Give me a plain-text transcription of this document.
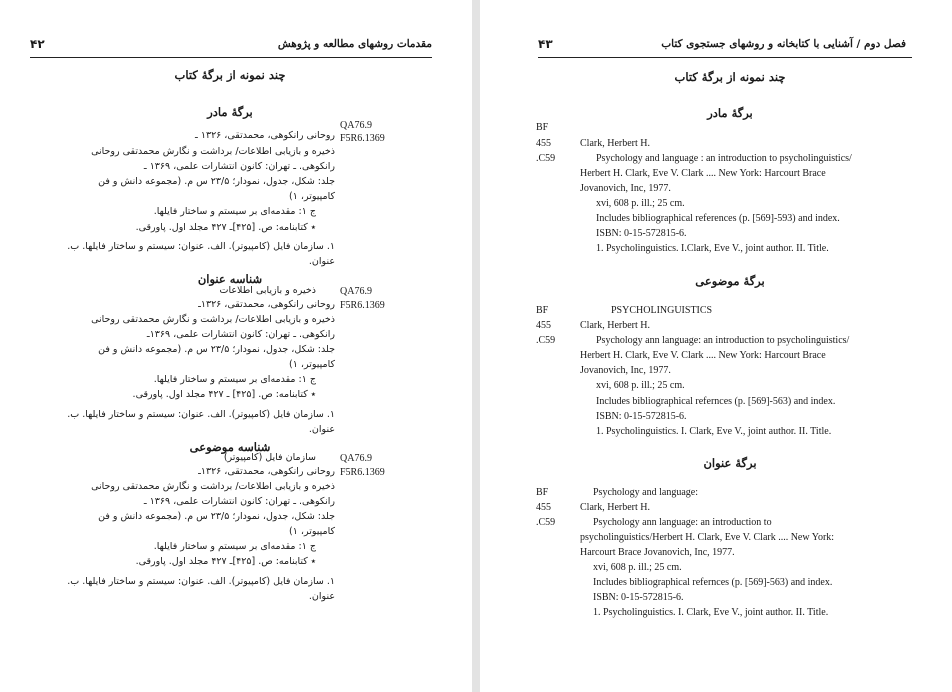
مقدمات روشهای مطالعه و پژوهش
۴۲
چند نمونه از برگهٔ کتاب
برگهٔ مادر
QA76.9
F5R6.1369
روحانی رانکوهی، محمدتقی، ۱۳۲۶ ـ
ذخیره و بازیابی اطلاعات/ برداشت و نگارش محمدتقی روحانی
رانکوهی. ـ تهران: کانون انتشارات علمی، ۱۳۶۹ ـ
جلد: شکل، جدول، نمودار؛ ۲۳/۵ س م. (مجموعه دانش و فن
کامپیوتر، ۱)
ج ۱: مقدمه‌ای بر سیستم و ساختار فایلها.
٭ کتابنامه: ص. [۴۲۵]ـ ۴۲۷ مجلد اول. پاورقی.
۱. سازمان فایل (کامپیوتر). الف. عنوان: سیستم و ساختار فایلها. ب.
عنوان.
شناسه عنوان
QA76.9
F5R6.1369
ذخیره و بازیابی اطلاعات
روحانی رانکوهی، محمدتقی، ۱۳۲۶ـ
ذخیره و بازیابی اطلاعات/ برداشت و نگارش محمدتقی روحانی
رانکوهی. ـ تهران: کانون انتشارات علمی، ۱۳۶۹ـ
جلد: شکل، جدول، نمودار؛ ۲۳/۵ س م. (مجموعه دانش و فن
کامپیوتر، ۱)
ج ۱: مقدمه‌ای بر سیستم و ساختار فایلها.
٭ کتابنامه: ص. [۴۲۵] ـ ۴۲۷ مجلد اول. پاورقی.
۱. سازمان فایل (کامپیوتر). الف. عنوان: سیستم و ساختار فایلها. ب.
عنوان.
شناسه موضوعی
QA76.9
F5R6.1369
سازمان فایل (کامپیوتر)
روحانی رانکوهی، محمدتقی، ۱۳۲۶ـ
ذخیره و بازیابی اطلاعات/ برداشت و نگارش محمدتقی روحانی
رانکوهی. ـ تهران: کانون انتشارات علمی، ۱۳۶۹ ـ
جلد: شکل، جدول، نمودار؛ ۲۳/۵ س م. (مجموعه دانش و فن
کامپیوتر، ۱)
ج ۱: مقدمه‌ای بر سیستم و ساختار فایلها.
٭ کتابنامه: ص. [۴۲۵]ـ ۴۲۷ مجلد اول. پاورقی.
۱. سازمان فایل (کامپیوتر). الف. عنوان: سیستم و ساختار فایلها. ب.
عنوان.
فصل دوم / آشنایی با کتابخانه و روشهای جستجوی کتاب
۴۳
چند نمونه از برگهٔ کتاب
برگهٔ مادر
BF
455
.C59
Clark, Herbert H.
Psychology and language : an introduction to psycholinguistics/
Herbert H. Clark, Eve V. Clark .... New York: Harcourt Brace
Jovanovich, Inc, 1977.
xvi, 608 p. ill.; 25 cm.
Includes bibliographical references (p. [569]-593) and index.
ISBN: 0-15-572815-6.
1. Psycholinguistics. I.Clark, Eve V., joint author. II. Title.
برگهٔ موضوعی
BF
455
.C59
PSYCHOLINGUISTICS
Clark, Herbert H.
Psychology ann language: an introduction to psycholinguistics/
Herbert H. Clark, Eve V. Clark .... New York: Harcourt Brace
Jovanovich, Inc, 1977.
xvi, 608 p. ill.; 25 cm.
Includes bibliographical refernces (p. [569]-563) and index.
ISBN: 0-15-572815-6.
1. Psycholinguistics. I. Clark, Eve V., joint author. II. Title.
برگهٔ عنوان
BF
455
.C59
Psychology and language:
Clark, Herbert H.
Psychology ann language: an introduction to
psycholinguistics/Herbert H. Clark, Eve V. Clark .... New York:
Harcourt Brace Jovanovich, Inc, 1977.
xvi, 608 p. ill.; 25 cm.
Includes bibliographical refernces (p. [569]-563) and index.
ISBN: 0-15-572815-6.
1. Psycholinguistics. I. Clark, Eve V., joint author. II. Title.
